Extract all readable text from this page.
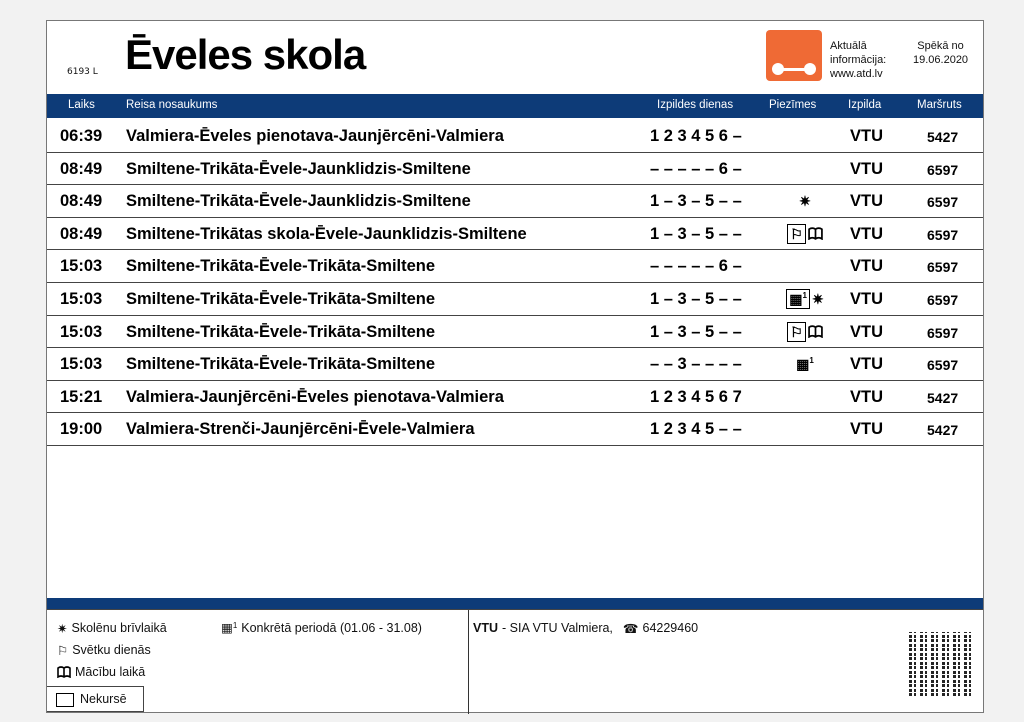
6193 L Ēveles skola	Aktuālā
informācija:
www.atd.lv
Spēkā no
19.06.2020
Laiks	Reisa nosaukums	Izpildes dienas	Piezīmes	Izpilda	Maršruts
06:39 Valmiera-Ēveles pienotava-Jaunjērcēni-Valmiera	1 2 3 4 5 6 –	VTU	5427
08:49 Smiltene-Trikāta-Ēvele-Jaunklidzis-Smiltene	– – – – – 6 –	VTU	6597
08:49 Smiltene-Trikāta-Ēvele-Jaunklidzis-Smiltene	1 – 3 – 5 – –	✷ VTU	6597
08:49 Smiltene-Trikātas skola-Ēvele-Jaunklidzis-Smiltene	1 – 3 – 5 – –	⚐	VTU	6597
15:03 Smiltene-Trikāta-Ēvele-Trikāta-Smiltene	– – – – – 6 –	VTU	6597
15:03 Smiltene-Trikāta-Ēvele-Trikāta-Smiltene	1 – 3 – 5 – –	▦$^1$ ✷ VTU	6597
15:03 Smiltene-Trikāta-Ēvele-Trikāta-Smiltene	1 – 3 – 5 – –	⚐	VTU	6597
15:03 Smiltene-Trikāta-Ēvele-Trikāta-Smiltene	– – 3 – – – –	▦$^1$ VTU	6597
15:21 Valmiera-Jaunjērcēni-Ēveles pienotava-Valmiera	1 2 3 4 5 6 7	VTU	5427
19:00 Valmiera-Strenči-Jaunjērcēni-Ēvele-Valmiera	1 2 3 4 5 – –	VTU	5427
✷ Skolēnu brīvlaikā
⚐ Svētku dienās
Mācību laikā
▦$^1$ Konkrētā periodā (01.06 - 31.08)
Nekursē
VTU - SIA VTU Valmiera, ☎ 64229460
